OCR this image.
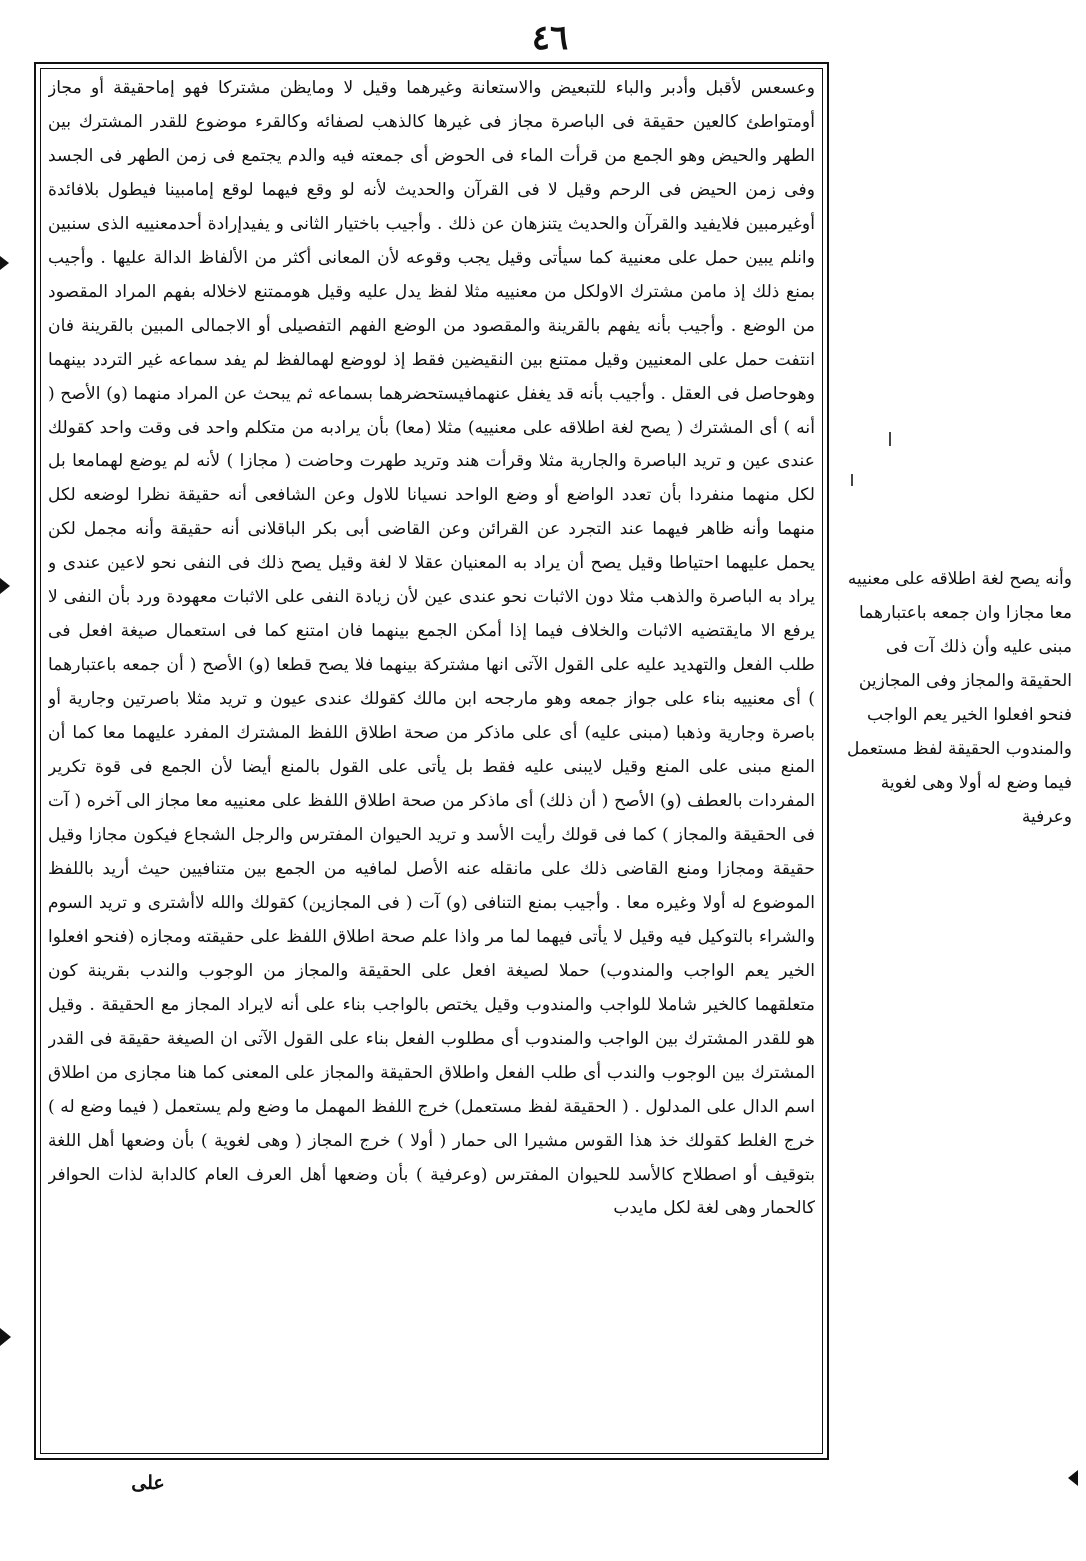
٤٦

وعسعس لأقبل وأدبر والباء للتبعيض والاستعانة وغيرهما وقيل لا ومايظن مشتركا فهو إماحقيقة أو مجاز أومتواطئ كالعين حقيقة فى الباصرة مجاز فى غيرها كالذهب لصفائه وكالقرء موضوع للقدر المشترك بين الطهر والحيض وهو الجمع من قرأت الماء فى الحوض أى جمعته فيه والدم يجتمع فى زمن الطهر فى الجسد وفى زمن الحيض فى الرحم وقيل لا فى القرآن والحديث لأنه لو وقع فيهما لوقع إمامبينا فيطول بلافائدة أوغيرمبين فلايفيد والقرآن والحديث يتنزهان عن ذلك . وأجيب باختيار الثانى و يفيدإرادة أحدمعنييه الذى سنبين وانلم يبين حمل على معنيية كما سيأتى وقيل يجب وقوعه لأن المعانى أكثر من الألفاظ الدالة عليها . وأجيب بمنع ذلك إذ مامن مشترك الاولكل من معنييه مثلا لفظ يدل عليه وقيل هوممتنع لاخلاله بفهم المراد المقصود من الوضع . وأجيب بأنه يفهم بالقرينة والمقصود من الوضع الفهم التفصيلى أو الاجمالى المبين بالقرينة فان انتفت حمل على المعنيين وقيل ممتنع بين النقيضين فقط إذ لووضع لهمالفظ لم يفد سماعه غير التردد بينهما وهوحاصل فى العقل . وأجيب بأنه قد يغفل عنهمافيستحضرهما بسماعه ثم يبحث عن المراد منهما (و) الأصح ( أنه ) أى المشترك ( يصح لغة اطلاقه على معنييه) مثلا (معا) بأن يرادبه من متكلم واحد فى وقت واحد كقولك عندى عين و تريد الباصرة والجارية مثلا وقرأت هند وتريد طهرت وحاضت ( مجازا ) لأنه لم يوضع لهمامعا بل لكل منهما منفردا بأن تعدد الواضع أو وضع الواحد نسيانا للاول وعن الشافعى أنه حقيقة نظرا لوضعه لكل منهما وأنه ظاهر فيهما عند التجرد عن القرائن وعن القاضى أبى بكر الباقلانى أنه حقيقة وأنه مجمل لكن يحمل عليهما احتياطا وقيل يصح أن يراد به المعنيان عقلا لا لغة وقيل يصح ذلك فى النفى نحو لاعين عندى و يراد به الباصرة والذهب مثلا دون الاثبات نحو عندى عين لأن زيادة النفى على الاثبات معهودة ورد بأن النفى لا يرفع الا مايقتضيه الاثبات والخلاف فيما إذا أمكن الجمع بينهما فان امتنع كما فى استعمال صيغة افعل فى طلب الفعل والتهديد عليه على القول الآتى انها مشتركة بينهما فلا يصح قطعا (و) الأصح ( أن جمعه باعتبارهما ) أى معنييه بناء على جواز جمعه وهو مارجحه ابن مالك كقولك عندى عيون و تريد مثلا باصرتين وجارية أو باصرة وجارية وذهبا (مبنى عليه) أى على ماذكر من صحة اطلاق اللفظ المشترك المفرد عليهما معا كما أن المنع مبنى على المنع وقيل لايبنى عليه فقط بل يأتى على القول بالمنع أيضا لأن الجمع فى قوة تكرير المفردات بالعطف (و) الأصح ( أن ذلك) أى ماذكر من صحة اطلاق اللفظ على معنييه معا مجاز الى آخره ( آت فى الحقيقة والمجاز ) كما فى قولك رأيت الأسد و تريد الحيوان المفترس والرجل الشجاع فيكون مجازا وقيل حقيقة ومجازا ومنع القاضى ذلك على مانقله عنه الأصل لمافيه من الجمع بين متنافيين حيث أريد باللفظ الموضوع له أولا وغيره معا . وأجيب بمنع التنافى (و) آت ( فى المجازين) كقولك والله لاأشترى و تريد السوم والشراء بالتوكيل فيه وقيل لا يأتى فيهما لما مر واذا علم صحة اطلاق اللفظ على حقيقته ومجازه (فنحو افعلوا الخير يعم الواجب والمندوب) حملا لصيغة افعل على الحقيقة والمجاز من الوجوب والندب بقرينة كون متعلقهما كالخير شاملا للواجب والمندوب وقيل يختص بالواجب بناء على أنه لايراد المجاز مع الحقيقة . وقيل هو للقدر المشترك بين الواجب والمندوب أى مطلوب الفعل بناء على القول الآتى ان الصيغة حقيقة فى القدر المشترك بين الوجوب والندب أى طلب الفعل واطلاق الحقيقة والمجاز على المعنى كما هنا مجازى من اطلاق اسم الدال على المدلول . ( الحقيقة لفظ مستعمل) خرج اللفظ المهمل ما وضع ولم يستعمل ( فيما وضع له ) خرج الغلط كقولك خذ هذا القوس مشيرا الى حمار ( أولا ) خرج المجاز ( وهى لغوية ) بأن وضعها أهل اللغة بتوقيف أو اصطلاح كالأسد للحيوان المفترس (وعرفية ) بأن وضعها أهل العرف العام كالدابة لذات الحوافر كالحمار وهى لغة لكل مايدب

وأنه يصح لغة اطلاقه على معنييه معا مجازا وان جمعه باعتبارهما مبنى عليه وأن ذلك آت فى الحقيقة والمجاز وفى المجازين فنحو افعلوا الخير يعم الواجب والمندوب الحقيقة لفظ مستعمل فيما وضع له أولا وهى لغوية وعرفية
على
